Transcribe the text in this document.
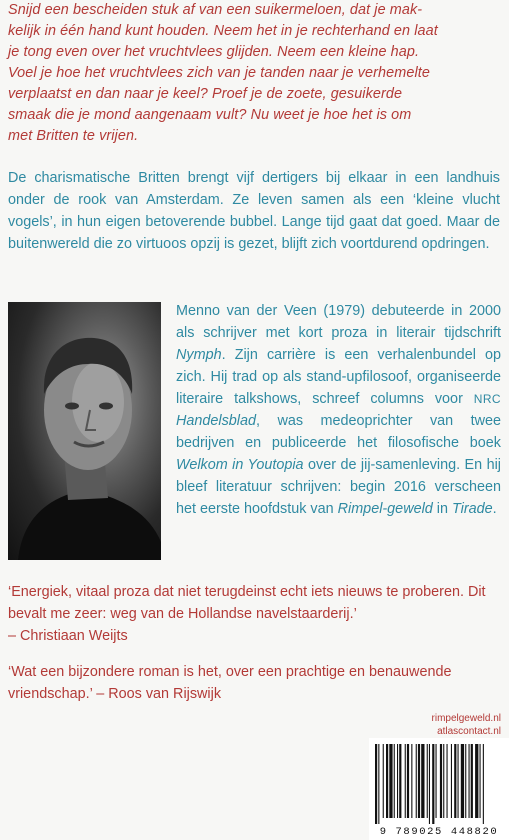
Snijd een bescheiden stuk af van een suikermeloen, dat je mak-

kelijk in één hand kunt houden. Neem het in je rechterhand en laat

je tong even over het vruchtvlees glijden. Neem een kleine hap.

Voel je hoe het vruchtvlees zich van je tanden naar je verhemelte

verplaatst en dan naar je keel? Proef je de zoete, gesuikerde

smaak die je mond aangenaam vult? Nu weet je hoe het is om

met Britten te vrijen.

De charismatische Britten brengt vijf dertigers bij elkaar in een landhuis onder de rook van Amsterdam. Ze leven samen als een ‘kleine vlucht vogels’, in hun eigen betoverende bubbel. Lange tijd gaat dat goed. Maar de buitenwereld die zo virtuoos opzij is gezet, blijft zich voortdurend opdringen.
Menno van der Veen (1979) debuteerde in 2000 als schrijver met kort proza in literair tijdschrift Nymph. Zijn carrière is een verhalenbundel op zich. Hij trad op als stand-upfilosoof, organiseerde literaire talkshows, schreef columns voor NRC Handelsblad, was medeoprichter van twee bedrijven en publiceerde het filosofische boek Welkom in Youtopia over de jij-samenleving. En hij bleef literatuur schrijven: begin 2016 verscheen het eerste hoofdstuk van Rimpel-geweld in Tirade.
‘Energiek, vitaal proza dat niet terugdeinst echt iets nieuws te proberen. Dit bevalt me zeer: weg van de Hollandse navelstaarderij.’
– Christiaan Weijts
‘Wat een bijzondere roman is het, over een prachtige en benauwende vriendschap.’ – Roos van Rijswijk
rimpelgeweld.nl
atlascontact.nl
9 789025 448820
